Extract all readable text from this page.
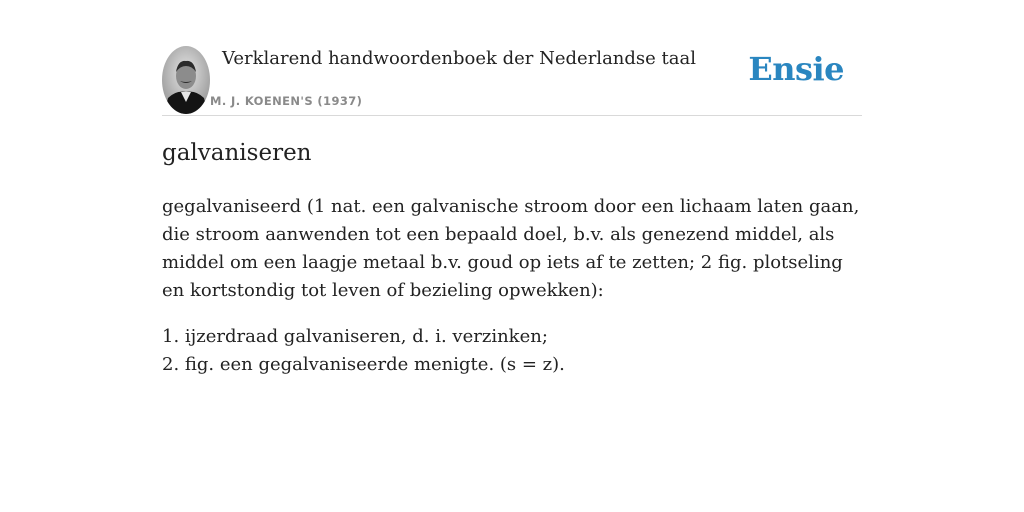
Verklarend handwoordenboek der Nederlandse taal
M. J. KOENEN'S (1937)
Ensie
galvaniseren
gegalvaniseerd (1 nat. een galvanische stroom door een lichaam laten gaan, die stroom aanwenden tot een bepaald doel, b.v. als genezend middel, als middel om een laagje metaal b.v. goud op iets af te zetten; 2 fig. plotseling en kortstondig tot leven of bezieling opwekken):
1. ijzerdraad galvaniseren, d. i. verzinken;
2. fig. een gegalvaniseerde menigte. (s = z).
